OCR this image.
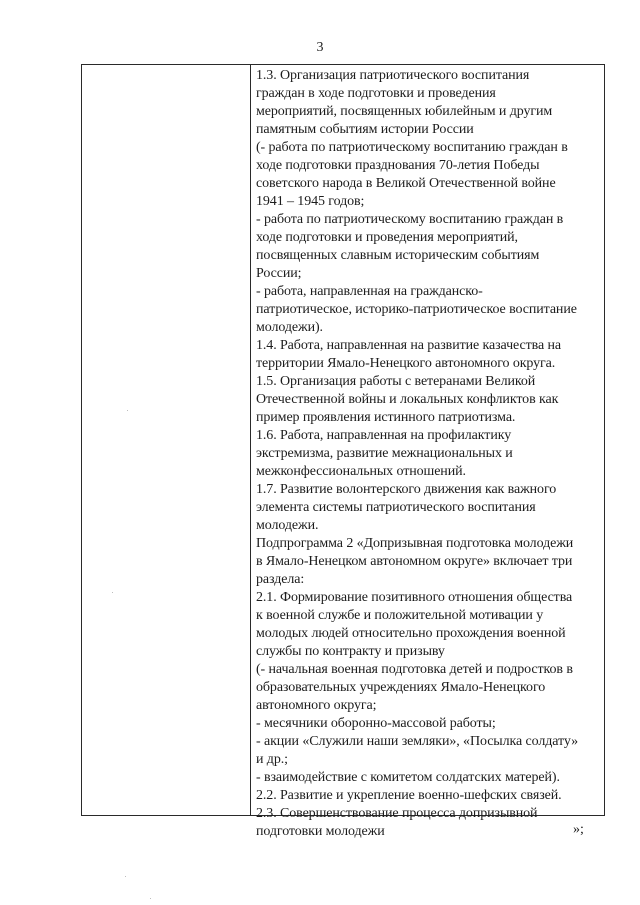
3
1.3. Организация патриотического воспитания
граждан в ходе подготовки и проведения
мероприятий, посвященных юбилейным и другим
памятным событиям истории России
(- работа по патриотическому воспитанию граждан в
ходе подготовки празднования 70-летия Победы
советского народа в Великой Отечественной войне
1941 – 1945 годов;
- работа по патриотическому воспитанию граждан в
ходе подготовки и проведения мероприятий,
посвященных славным историческим событиям
России;
- работа, направленная на гражданско-
патриотическое, историко-патриотическое воспитание
молодежи).
1.4. Работа, направленная на развитие казачества на
территории Ямало-Ненецкого автономного округа.
1.5. Организация работы с ветеранами Великой
Отечественной войны и локальных конфликтов как
пример проявления истинного патриотизма.
1.6. Работа, направленная на профилактику
экстремизма, развитие межнациональных и
межконфессиональных отношений.
1.7. Развитие волонтерского движения как важного
элемента системы патриотического воспитания
молодежи.
Подпрограмма 2 «Допризывная подготовка молодежи
в Ямало-Ненецком автономном округе» включает три
раздела:
2.1. Формирование позитивного отношения общества
к военной службе и положительной мотивации у
молодых людей относительно прохождения военной
службы по контракту и призыву
(- начальная военная подготовка детей и подростков в
образовательных учреждениях Ямало-Ненецкого
автономного округа;
- месячники оборонно-массовой работы;
- акции «Служили наши земляки», «Посылка солдату»
и др.;
- взаимодействие с комитетом солдатских матерей).
2.2. Развитие и укрепление военно-шефских связей.
2.3. Совершенствование процесса допризывной
подготовки молодежи	»;
